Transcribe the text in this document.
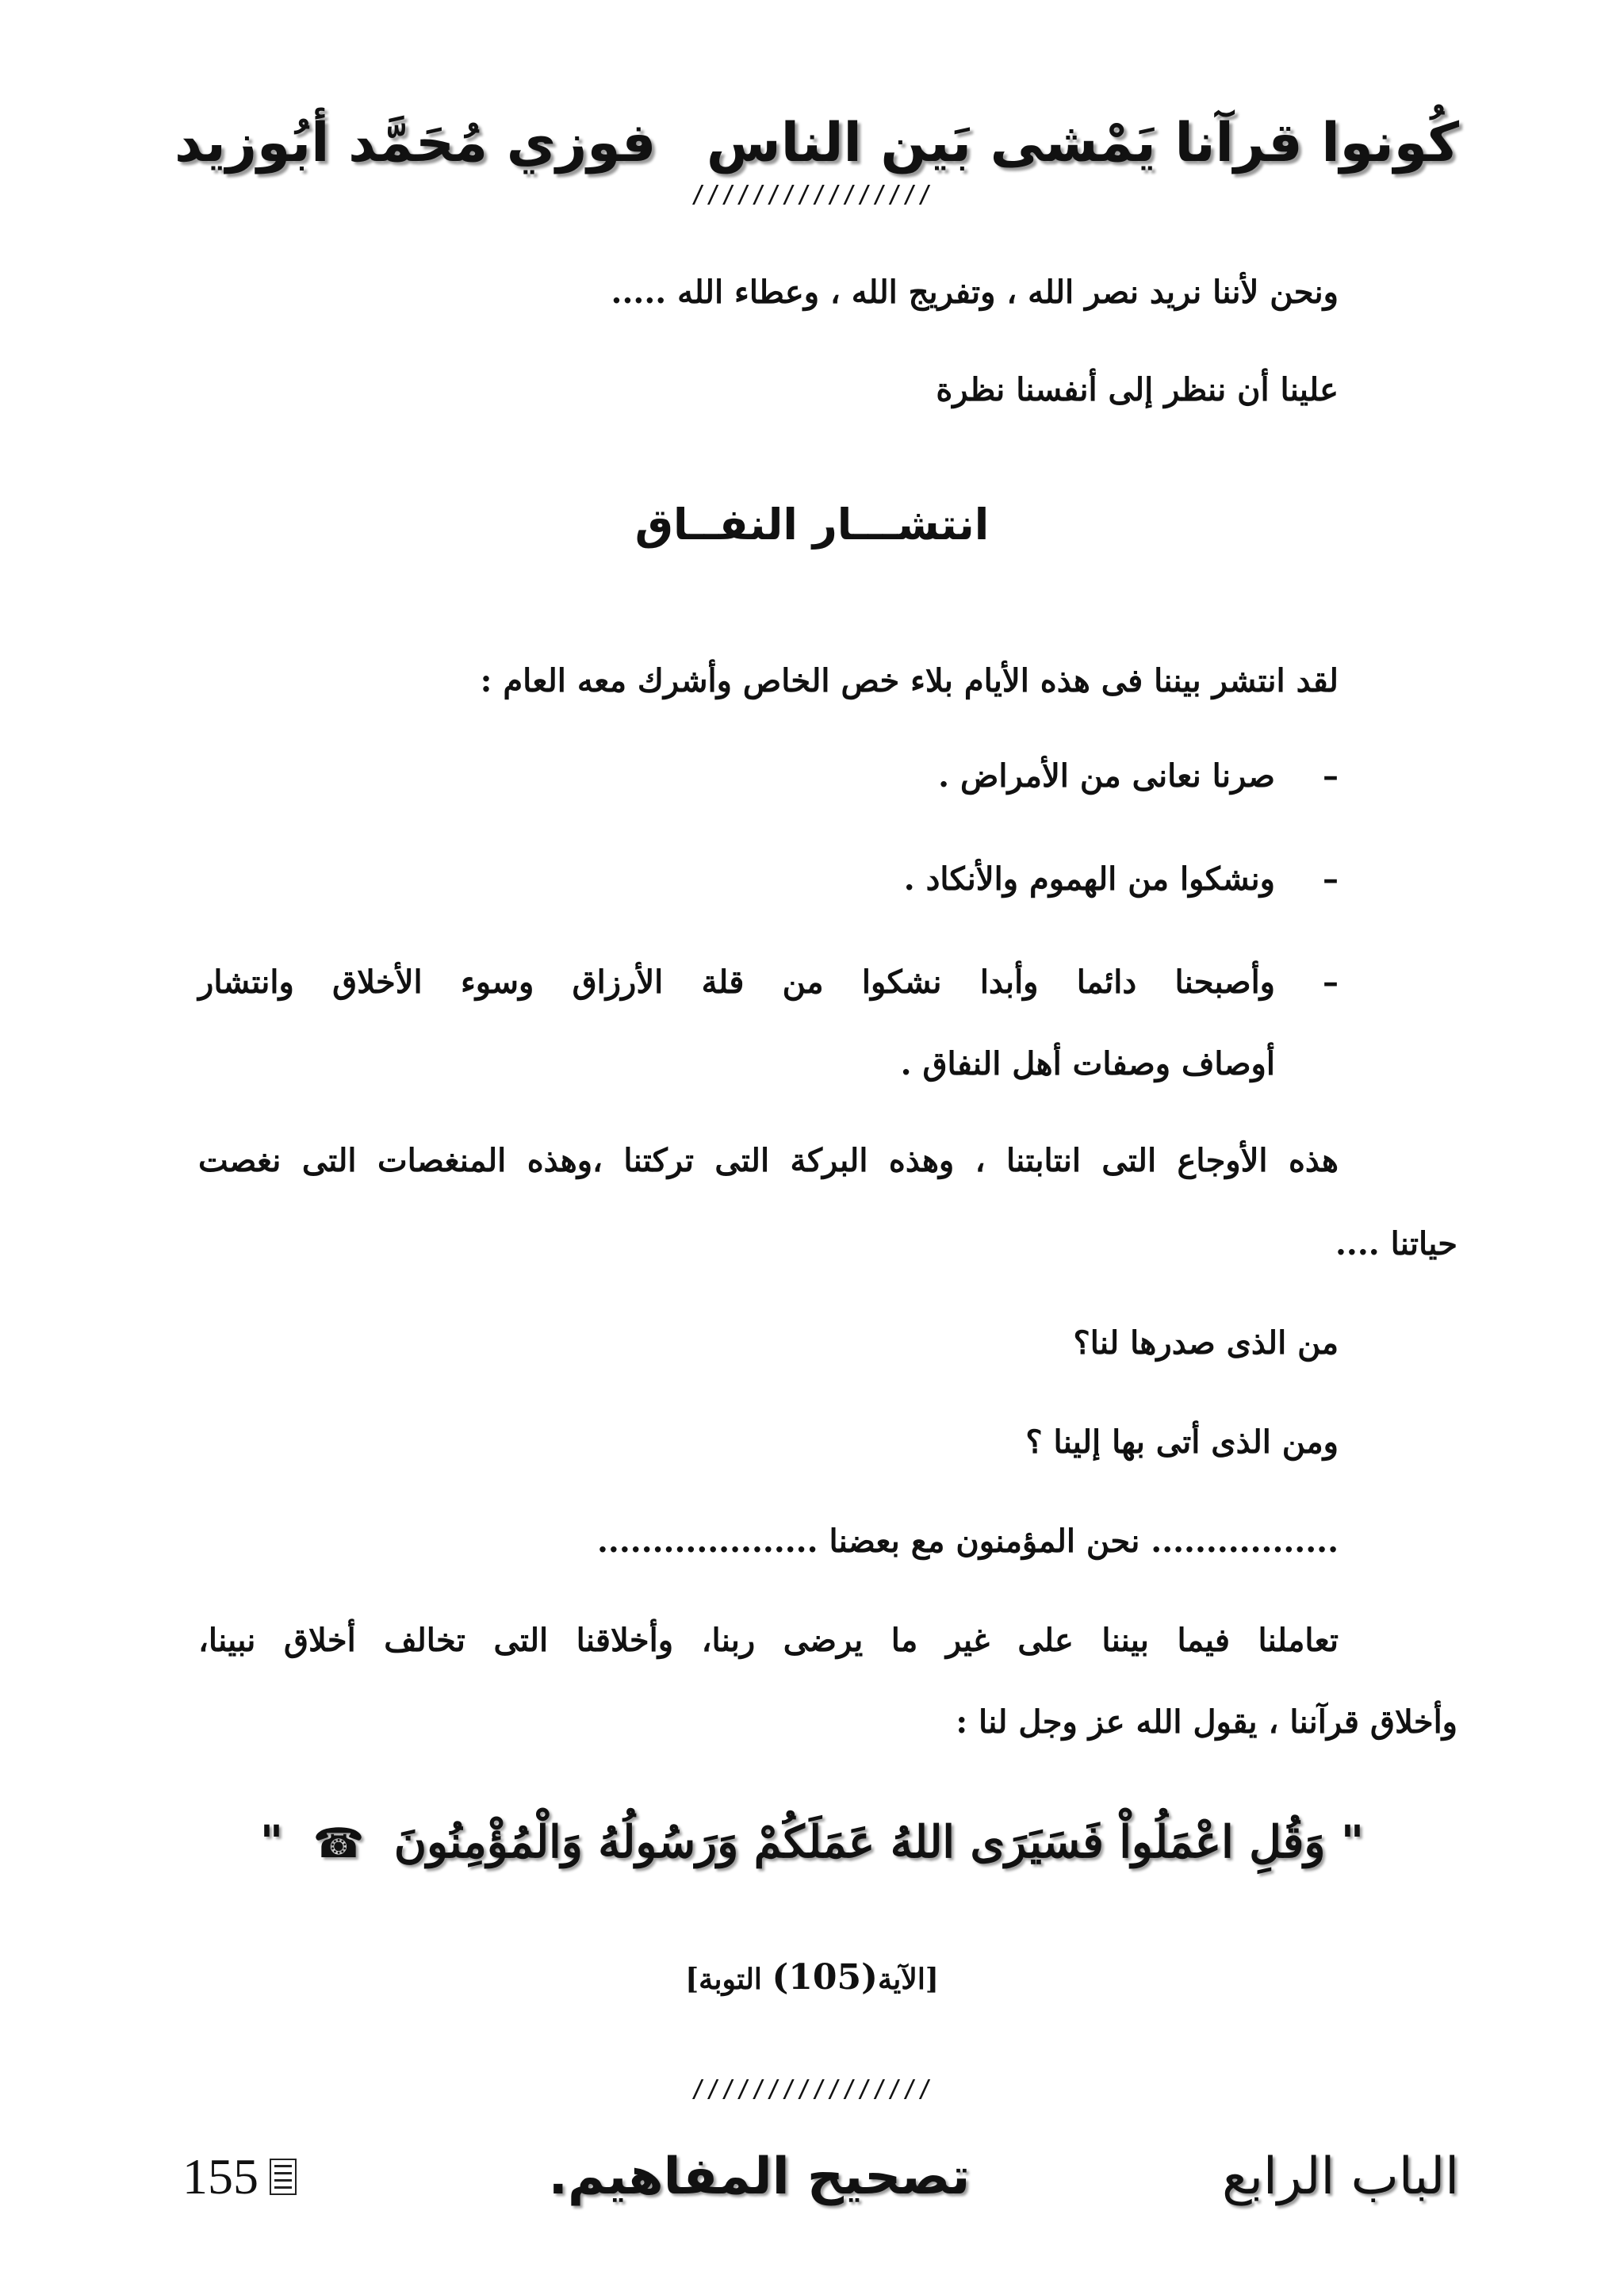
كُونوا قرآنا يَمْشى بَين الناس
فوزي مُحَمَّد أبُوزيد
////////////////
ونحن لأننا نريد نصر الله ، وتفريج الله ، وعطاء الله .....
علينا أن ننظر إلى أنفسنا نظرة
انتشـــار النفــاق
لقد انتشر بيننا فى هذه الأيام بلاء خص الخاص وأشرك معه العام :
–
صرنا نعانى من الأمراض .
–
ونشكوا من الهموم والأنكاد .
–
وأصبحنا دائما وأبدا نشكوا من قلة الأرزاق وسوء الأخلاق وانتشار
أوصاف وصفات أهل النفاق .
هذه الأوجاع التى انتابتنا ، وهذه البركة التى تركتنا ،وهذه المنغصات التى نغصت
حياتنا ....
من الذى صدرها لنا؟
ومن الذى أتى بها إلينا ؟
................. نحن المؤمنون مع بعضنا ....................
تعاملنا فيما بيننا على غير ما يرضى ربنا، وأخلاقنا التى تخالف أخلاق نبينا،
وأخلاق قرآننا ، يقول الله عز وجل لنا :
" وَقُلِ اعْمَلُواْ فَسَيَرَى اللهُ عَمَلَكُمْ وَرَسُولُهُ وَالْمُؤْمِنُونَ ☎ "
[الآية(105) التوبة]
////////////////
الباب الرابع
تصحيح المفاهيم.
155
